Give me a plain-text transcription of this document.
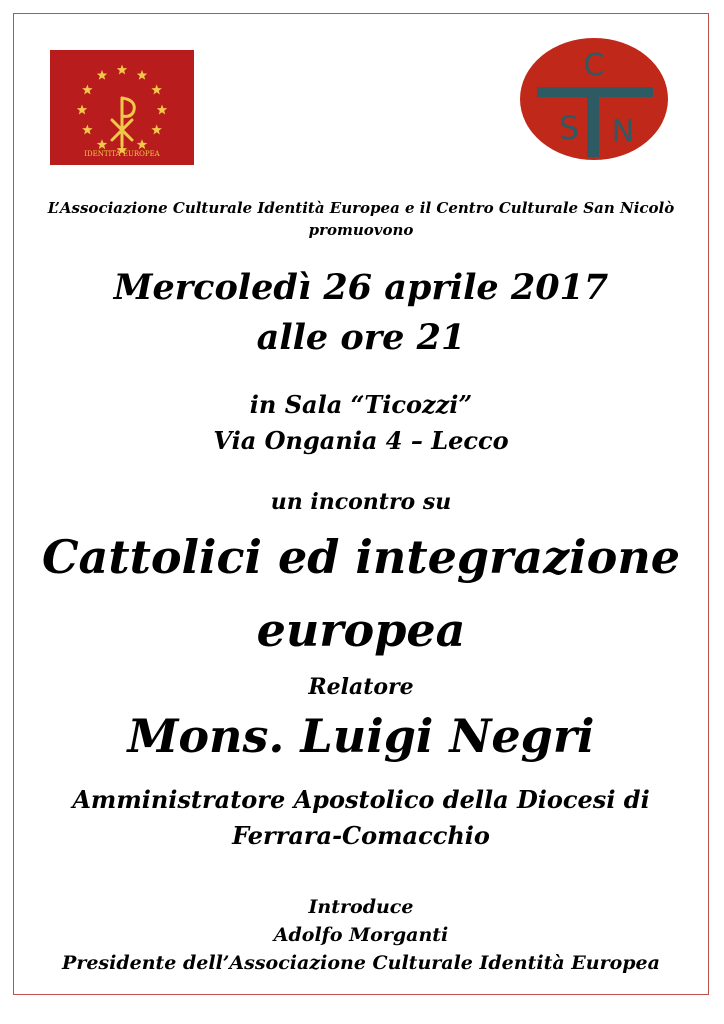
IDENTITÀ EUROPEA
C
S N
L’Associazione Culturale Identità Europea e il Centro Culturale San Nicolò
promuovono
Mercoledì 26 aprile 2017
alle ore 21
in Sala “Ticozzi”
Via Ongania 4 – Lecco
un incontro su
Cattolici ed integrazione
europea
Relatore
Mons. Luigi Negri
Amministratore Apostolico della Diocesi di
Ferrara-Comacchio
Introduce
Adolfo Morganti
Presidente dell’Associazione Culturale Identità Europea
